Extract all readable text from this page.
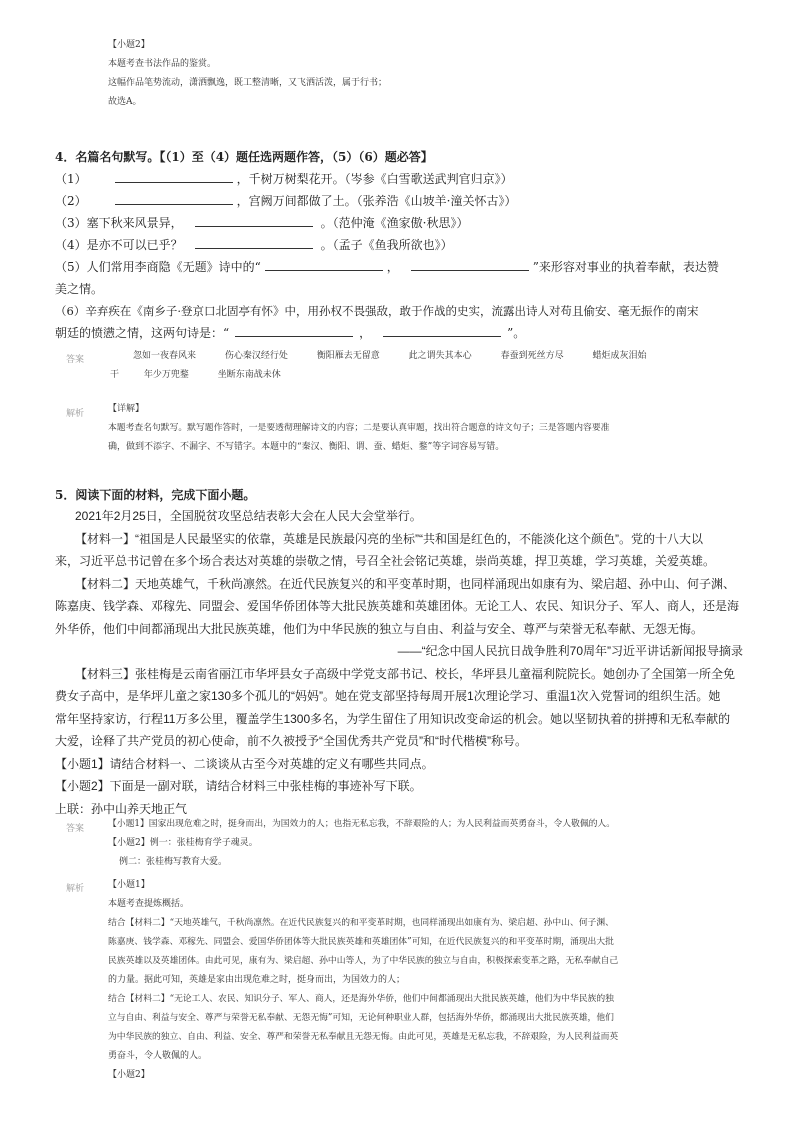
【小题2】
本题考查书法作品的鉴赏。
这幅作品笔势流动，潇洒飘逸，既工整清晰，又飞洒活泼，属于行书；
故选A。
4．名篇名句默写。【（1）至（4）题任选两题作答，（5）（6）题必答】
（1）	，千树万树梨花开。（岑参《白雪歌送武判官归京》）
（2）	，宫阙万间都做了土。（张养浩《山坡羊·潼关怀古》）
（3）塞下秋来风景异，	。（范仲淹《渔家傲·秋思》）
（4）是亦不可以已乎？	。（孟子《鱼我所欲也》）
（5）人们常用李商隐《无题》诗中的“	，	”来形容对事业的执着奉献，表达赞
美之情。
（6）辛弃疾在《南乡子·登京口北固亭有怀》中，用孙权不畏强敌，敢于作战的史实，流露出诗人对苟且偷安、毫无振作的南宋
朝廷的愤懑之情，这两句诗是：“	，	”。
答案	忽如一夜春风来	伤心秦汉经行处	衡阳雁去无留意	此之谓失其本心	春蚕到死丝方尽	蜡炬成灰泪始
干	年少万兜鍪	坐断东南战未休
解析	【详解】
本题考查名句默写。默写题作答时，一是要透彻理解诗文的内容；二是要认真审题，找出符合题意的诗文句子；三是答题内容要准
确，做到不添字、不漏字、不写错字。本题中的“秦汉、衡阳、谓、蚕、蜡炬、鍪”等字词容易写错。
5．阅读下面的材料，完成下面小题。
2021年2月25日，全国脱贫攻坚总结表彰大会在人民大会堂举行。
【材料一】“祖国是人民最坚实的依靠，英雄是民族最闪亮的坐标”“共和国是红色的，不能淡化这个颜色”。党的十八大以
来，习近平总书记曾在多个场合表达对英雄的崇敬之情，号召全社会铭记英雄，崇尚英雄，捍卫英雄，学习英雄，关爱英雄。
【材料二】天地英雄气，千秋尚凛然。在近代民族复兴的和平变革时期，也同样涌现出如康有为、梁启超、孙中山、何子渊、
陈嘉庚、钱学森、邓稼先、同盟会、爱国华侨团体等大批民族英雄和英雄团体。无论工人、农民、知识分子、军人、商人，还是海
外华侨，他们中间都涌现出大批民族英雄，他们为中华民族的独立与自由、利益与安全、尊严与荣誉无私奉献、无怨无悔。
——“纪念中国人民抗日战争胜利70周年”习近平讲话新闻报导摘录
【材料三】张桂梅是云南省丽江市华坪县女子高级中学党支部书记、校长，华坪县儿童福利院院长。她创办了全国第一所全免
费女子高中，是华坪儿童之家130多个孤儿的“妈妈”。她在党支部坚持每周开展1次理论学习、重温1次入党誓词的组织生活。她
常年坚持家访，行程11万多公里，覆盖学生1300多名，为学生留住了用知识改变命运的机会。她以坚韧执着的拼搏和无私奉献的
大爱，诠释了共产党员的初心使命，前不久被授予“全国优秀共产党员”和“时代楷模”称号。
【小题1】请结合材料一、二谈谈从古至今对英雄的定义有哪些共同点。
【小题2】下面是一副对联，请结合材料三中张桂梅的事迹补写下联。
上联：孙中山养天地正气
答案	【小题1】国家出现危难之时，挺身而出，为国效力的人；也指无私忘我，不辞艰险的人；为人民利益而英勇奋斗，令人敬佩的人。
【小题2】例一：张桂梅育学子魂灵。
例二：张桂梅写教育大爱。
解析	【小题1】
本题考查提炼概括。
结合【材料二】“天地英雄气，千秋尚凛然。在近代民族复兴的和平变革时期，也同样涌现出如康有为、梁启超、孙中山、何子渊、
陈嘉庚、钱学森、邓稼先、同盟会、爱国华侨团体等大批民族英雄和英雄团体”可知，在近代民族复兴的和平变革时期，涌现出大批
民族英雄以及英雄团体。由此可见，康有为、梁启超、孙中山等人，为了中华民族的独立与自由，积极探索变革之路，无私奉献自己
的力量。据此可知，英雄是家由出现危难之时，挺身而出，为国效力的人；
结合【材料二】“无论工人、农民、知识分子、军人、商人，还是海外华侨，他们中间都涌现出大批民族英雄，他们为中华民族的独
立与自由、利益与安全、尊严与荣誉无私奉献、无怨无悔”可知，无论何种职业人群，包括海外华侨，都涌现出大批民族英雄，他们
为中华民族的独立、自由、利益、安全、尊严和荣誉无私奉献且无怨无悔。由此可见，英雄是无私忘我，不辞艰险，为人民利益而英
勇奋斗，令人敬佩的人。
【小题2】
